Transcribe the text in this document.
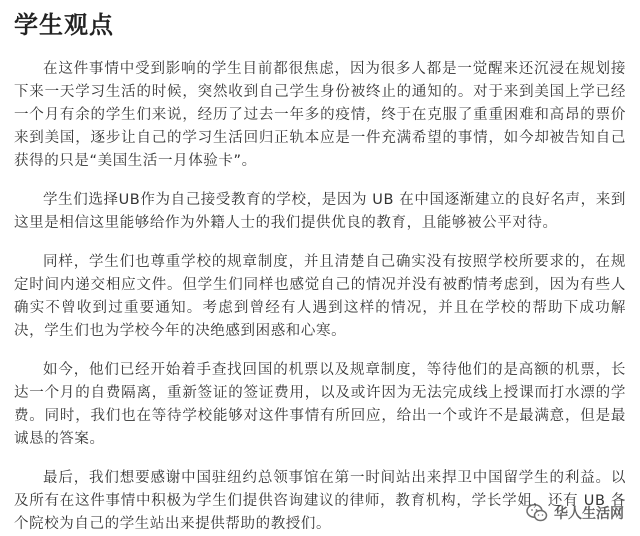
学生观点

在这件事情中受到影响的学生目前都很焦虑，因为很多人都是一觉醒来还沉浸在规划接下来一天学习生活的时候，突然收到自己学生身份被终止的通知的。对于来到美国上学已经一个月有余的学生们来说，经历了过去一年多的疫情，终于在克服了重重困难和高昂的票价来到美国，逐步让自己的学习生活回归正轨本应是一件充满希望的事情，如今却被告知自己获得的只是“美国生活一月体验卡”。

学生们选择UB作为自己接受教育的学校，是因为 UB 在中国逐渐建立的良好名声，来到这里是相信这里能够给作为外籍人士的我们提供优良的教育，且能够被公平对待。

同样，学生们也尊重学校的规章制度，并且清楚自己确实没有按照学校所要求的，在规定时间内递交相应文件。但学生们同样也感觉自己的情况并没有被酌情考虑到，因为有些人确实不曾收到过重要通知。考虑到曾经有人遇到这样的情况，并且在学校的帮助下成功解决，学生们也为学校今年的决绝感到困惑和心寒。

如今，他们已经开始着手查找回国的机票以及规章制度，等待他们的是高额的机票，长达一个月的自费隔离，重新签证的签证费用，以及或许因为无法完成线上授课而打水漂的学费。同时，我们也在等待学校能够对这件事情有所回应，给出一个或许不是最满意，但是最诚恳的答案。

最后，我们想要感谢中国驻纽约总领事馆在第一时间站出来捍卫中国留学生的利益。以及所有在这件事情中积极为学生们提供咨询建议的律师，教育机构，学长学姐，还有 UB 各个院校为自己的学生站出来提供帮助的教授们。

华人生活网
